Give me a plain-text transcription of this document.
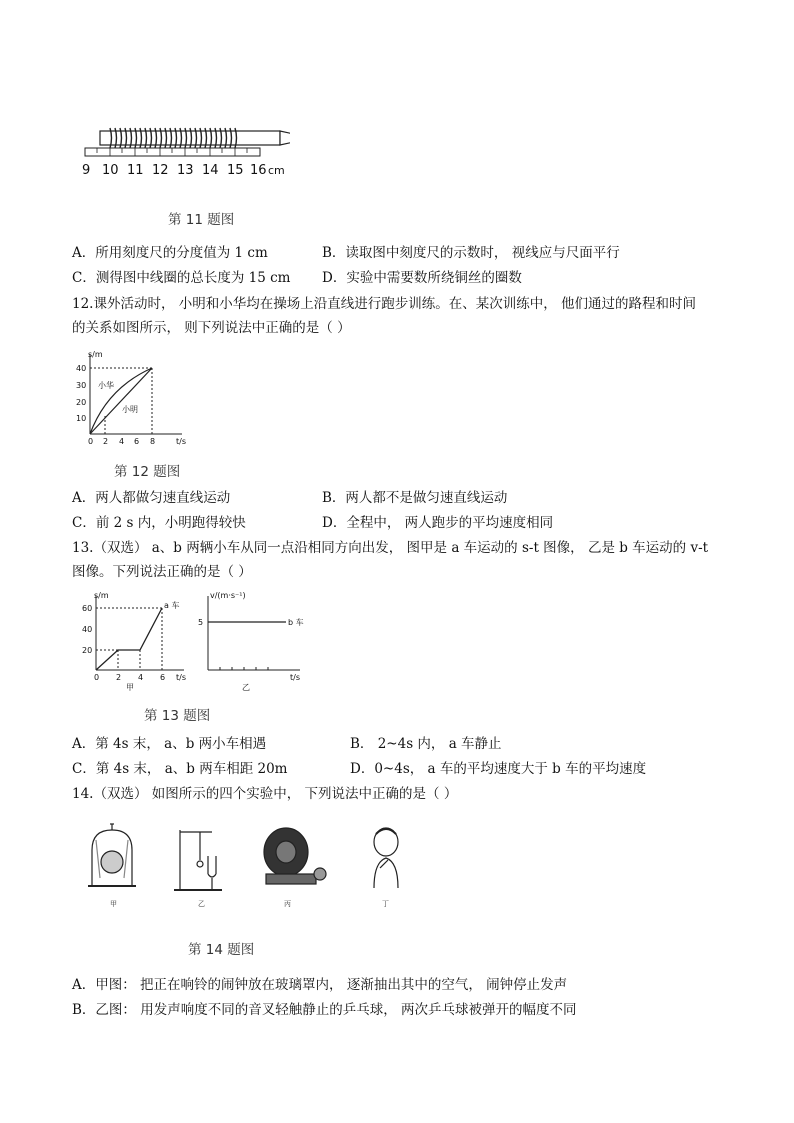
9 10 11 12 13 14 15 16 cm
第 11 题图
A．所用刻度尺的分度值为 1 cm	B．读取图中刻度尺的示数时， 视线应与尺面平行
C．测得图中线圈的总长度为 15 cm D．实验中需要数所绕铜丝的圈数
12.课外活动时， 小明和小华均在操场上沿直线进行跑步训练。在、某次训练中， 他们通过的路程和时间
的关系如图所示， 则下列说法中正确的是（ ）
s/m
t/s
40
30
20
10
0 2 4 6 8
小华
小明
第 12 题图
A．两人都做匀速直线运动	B．两人都不是做匀速直线运动
C．前 2 s 内，小明跑得较快	D．全程中， 两人跑步的平均速度相同
13.（双选） a、b 两辆小车从同一点沿相同方向出发， 图甲是 a 车运动的 s-t 图像， 乙是 b 车运动的 v-t
图像。下列说法正确的是（ ）
s/m
60
40
20
0 2 4 6 t/s
a 车
甲
v/(m·s⁻¹)
5	b 车
t/s
乙
第 13 题图
A．第 4s 末， a、b 两小车相遇	B． 2~4s 内， a 车静止
C．第 4s 末， a、b 两车相距 20m	D．0~4s， a 车的平均速度大于 b 车的平均速度
14.（双选） 如图所示的四个实验中， 下列说法中正确的是（ ）
甲	乙	丙	丁
第 14 题图
A．甲图： 把正在响铃的闹钟放在玻璃罩内， 逐渐抽出其中的空气， 闹钟停止发声
B．乙图： 用发声响度不同的音叉轻触静止的乒乓球， 两次乒乓球被弹开的幅度不同
